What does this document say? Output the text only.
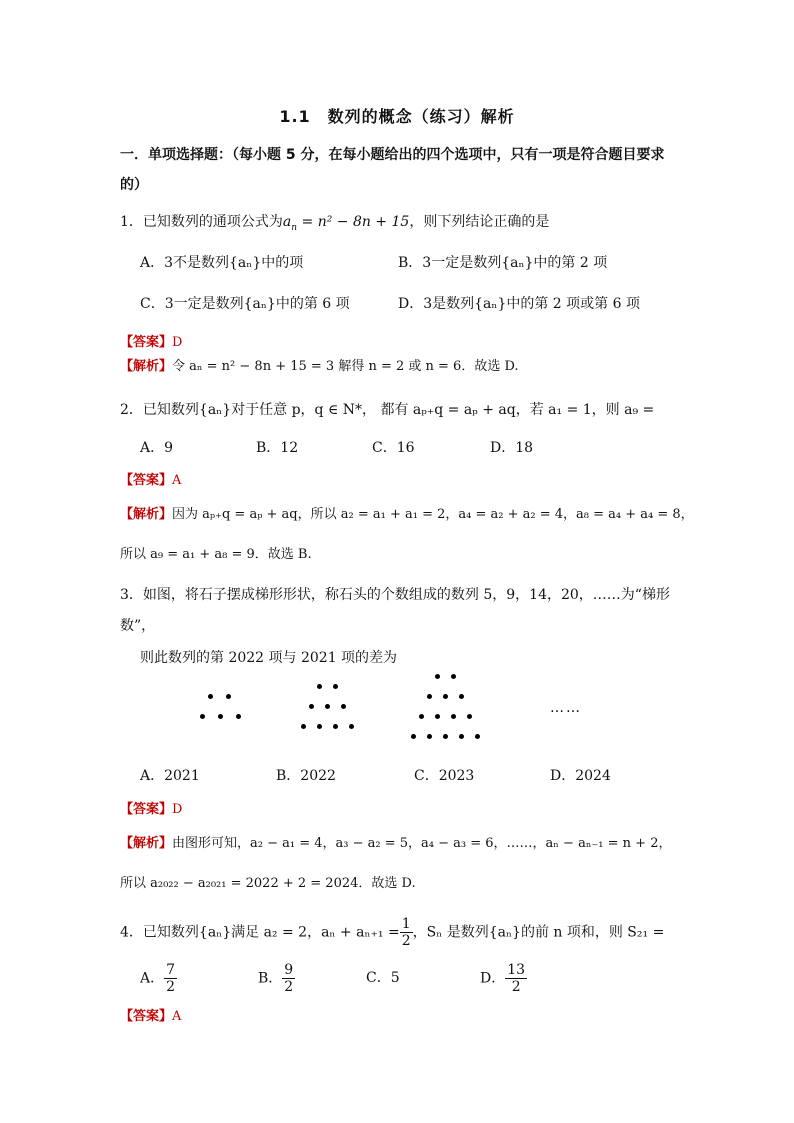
1.1　数列的概念（练习）解析
一．单项选择题：（每小题 5 分，在每小题给出的四个选项中，只有一项是符合题目要求
的）
1．已知数列的通项公式为$a_n = n^2 - 8n + 15$，则下列结论正确的是
A．3不是数列{aₙ}中的项	B．3一定是数列{aₙ}中的第 2 项
C．3一定是数列{aₙ}中的第 6 项	D．3是数列{aₙ}中的第 2 项或第 6 项
【答案】D
【解析】令 aₙ = n² − 8n + 15 = 3 解得 n = 2 或 n = 6．故选 D.
2．已知数列{aₙ}对于任意 p，q ∈ N*， 都有 aₚ₊q = aₚ + aq，若 a₁ = 1，则 a₉ =
A．9	B．12	C．16	D．18
【答案】A
【解析】因为 aₚ₊q = aₚ + aq，所以 a₂ = a₁ + a₁ = 2，a₄ = a₂ + a₂ = 4，a₈ = a₄ + a₄ = 8，
所以 a₉ = a₁ + a₈ = 9．故选 B.
3．如图，将石子摆成梯形形状，称石头的个数组成的数列 5，9，14，20，……为“梯形
数”，
则此数列的第 2022 项与 2021 项的差为
……
A．2021	B．2022	C．2023	D．2024
【答案】D
【解析】由图形可知，a₂ − a₁ = 4，a₃ − a₂ = 5，a₄ − a₃ = 6，……，aₙ − aₙ₋₁ = n + 2，
所以 a₂₀₂₂ − a₂₀₂₁ = 2022 + 2 = 2024．故选 D.
4．已知数列{aₙ}满足 a₂ = 2，$a_n + a_{n+1} = \frac{1}{2}$ ，Sₙ 是数列{aₙ}的前 n 项和，则 S₂₁ =
A． $\frac{7}{2}$	B． $\frac{9}{2}$	C．5	D． $\frac{13}{2}$
【答案】A
